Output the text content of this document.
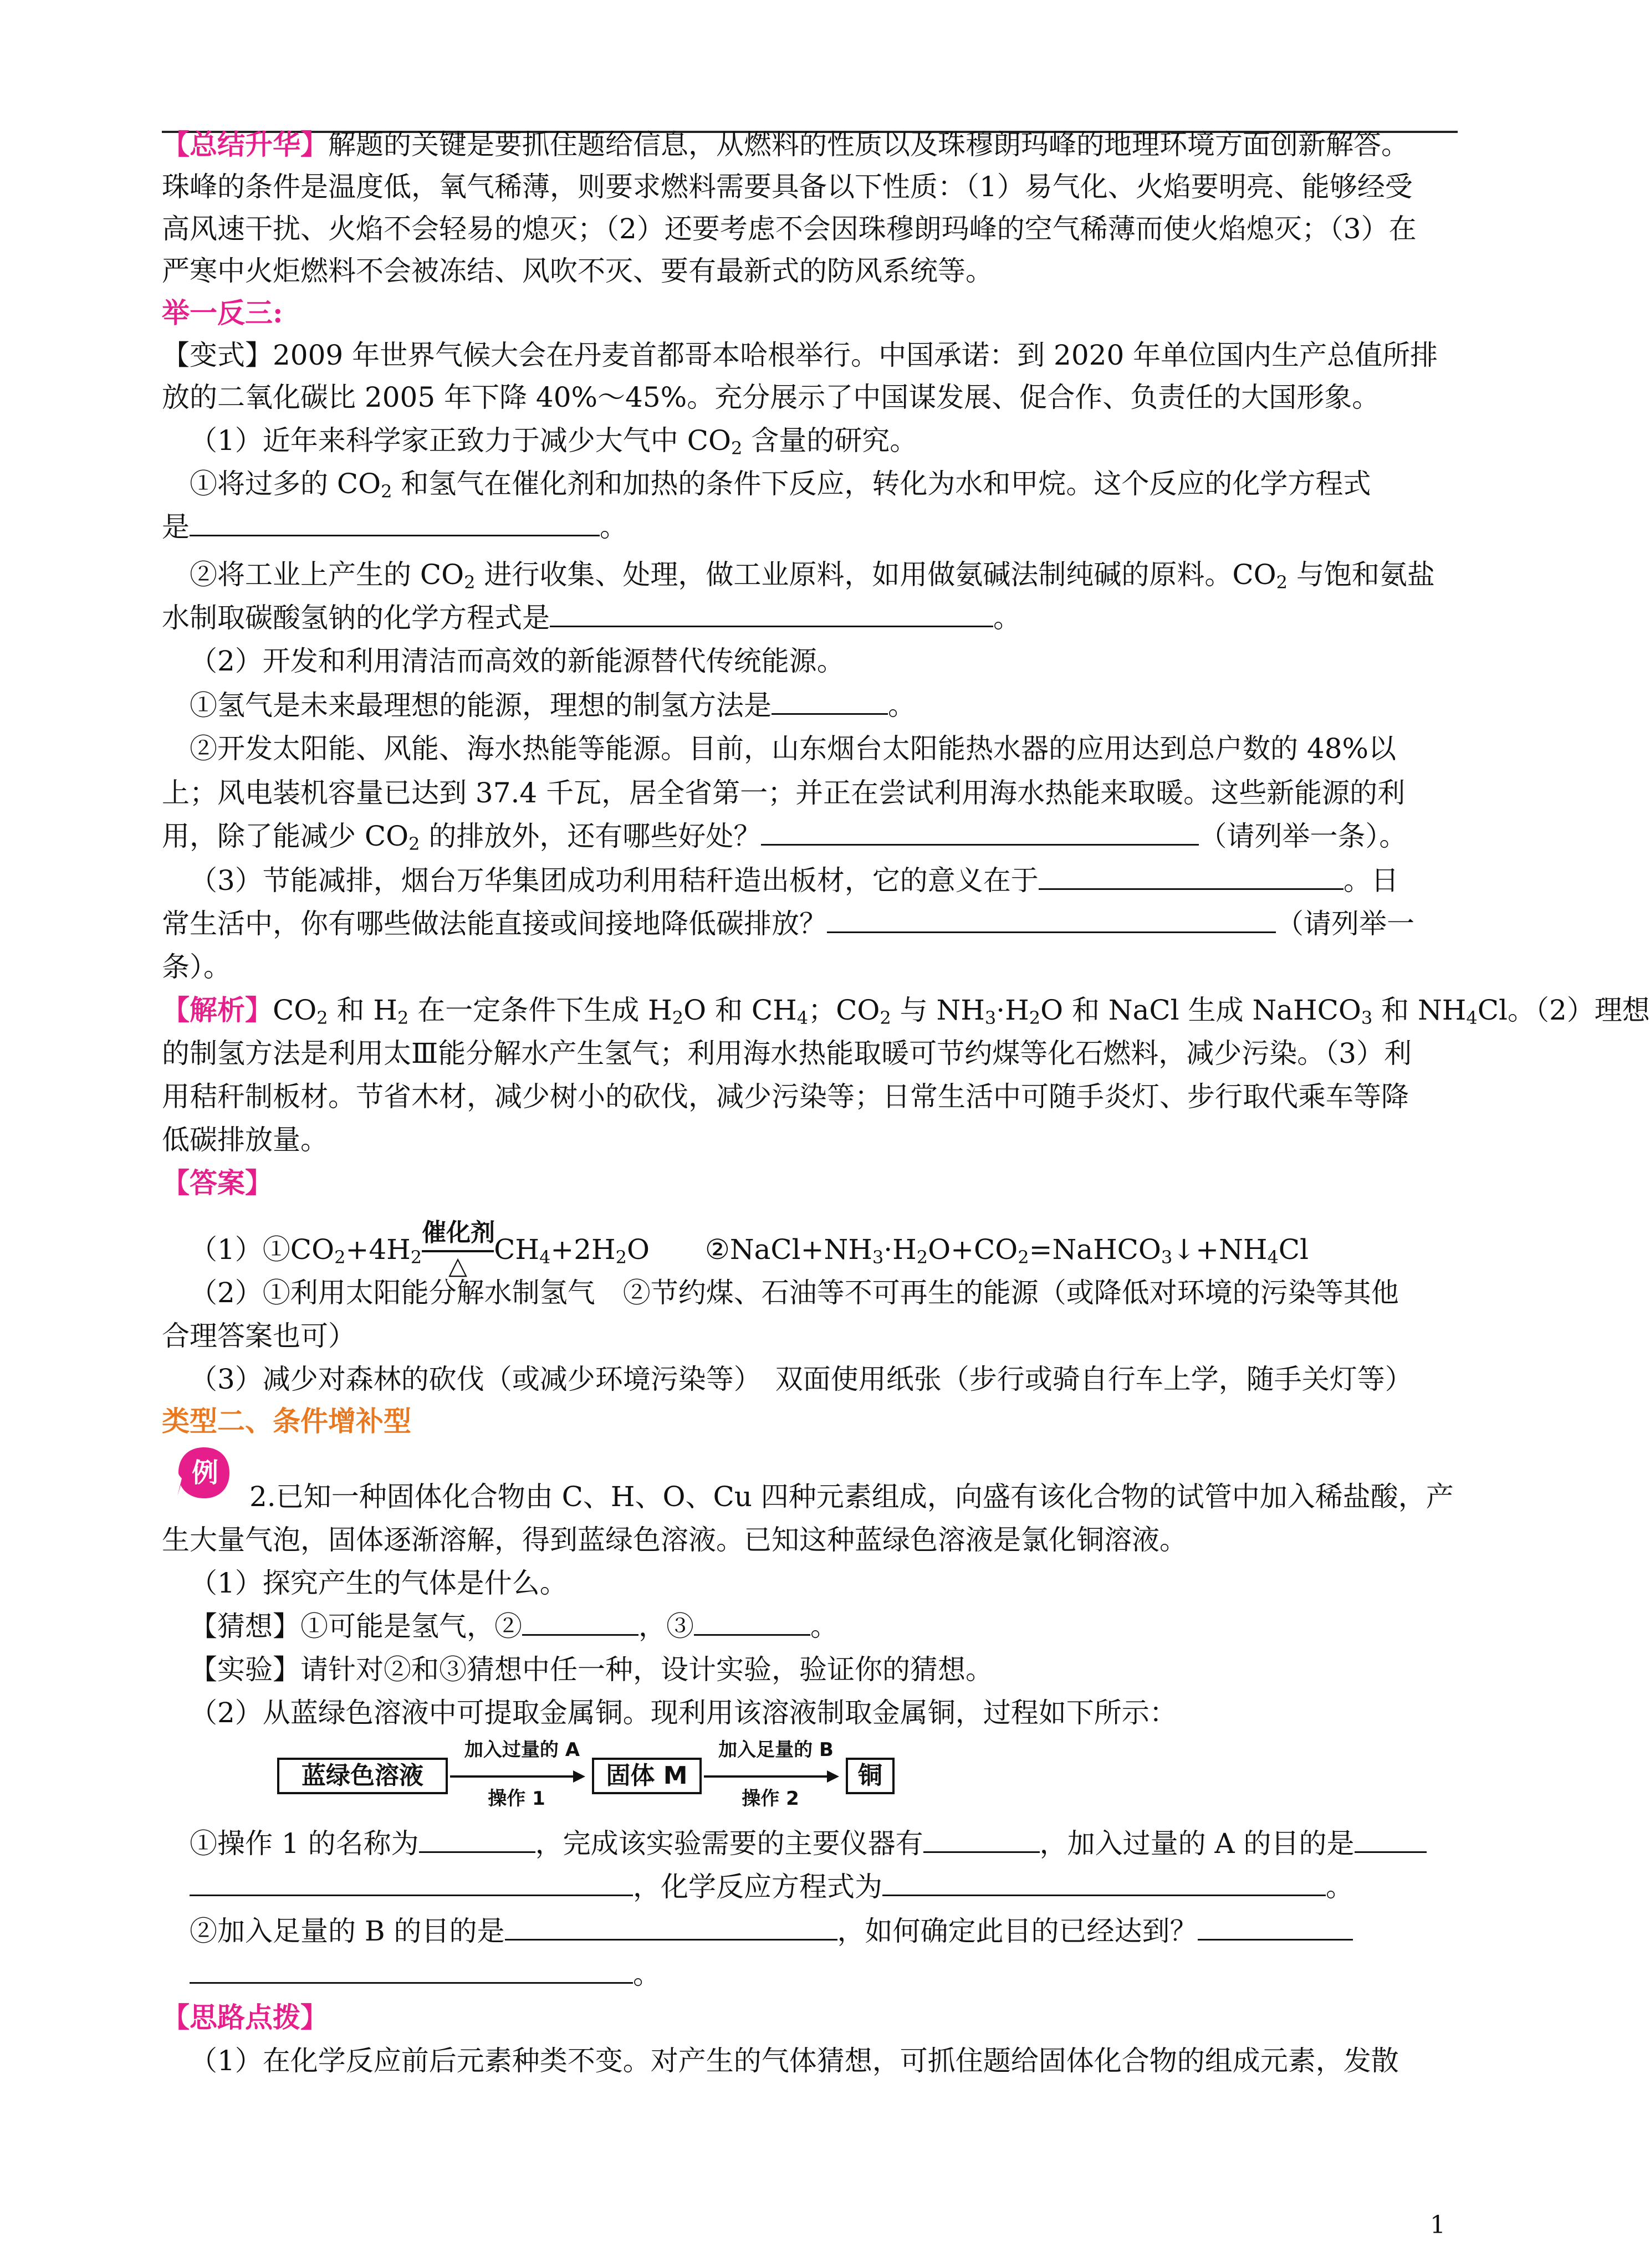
【总结升华】解题的关键是要抓住题给信息，从燃料的性质以及珠穆朗玛峰的地理环境方面创新解答。
珠峰的条件是温度低，氧气稀薄，则要求燃料需要具备以下性质：（1）易气化、火焰要明亮、能够经受
高风速干扰、火焰不会轻易的熄灭；（2）还要考虑不会因珠穆朗玛峰的空气稀薄而使火焰熄灭；（3）在
严寒中火炬燃料不会被冻结、风吹不灭、要有最新式的防风系统等。
举一反三:
【变式】2009 年世界气候大会在丹麦首都哥本哈根举行。中国承诺：到 2020 年单位国内生产总值所排
放的二氧化碳比 2005 年下降 40%～45%。充分展示了中国谋发展、促合作、负责任的大国形象。
（1）近年来科学家正致力于减少大气中 $CO_2$ 含量的研究。
①将过多的 $CO_2$ 和氢气在催化剂和加热的条件下反应，转化为水和甲烷。这个反应的化学方程式
是	。
②将工业上产生的 $CO_2$ 进行收集、处理，做工业原料，如用做氨碱法制纯碱的原料。$CO_2$ 与饱和氨盐
水制取碳酸氢钠的化学方程式是	。
（2）开发和利用清洁而高效的新能源替代传统能源。
①氢气是未来最理想的能源，理想的制氢方法是	。
②开发太阳能、风能、海水热能等能源。目前，山东烟台太阳能热水器的应用达到总户数的 48%以
上；风电装机容量已达到 37.4 千瓦，居全省第一；并正在尝试利用海水热能来取暖。这些新能源的利
用，除了能减少 $CO_2$ 的排放外，还有哪些好处？	（请列举一条）。
（3）节能减排，烟台万华集团成功利用秸秆造出板材，它的意义在于	。日
常生活中，你有哪些做法能直接或间接地降低碳排放？	（请列举一
条）。
【解析】$CO_2$ 和 $H_2$ 在一定条件下生成 $H_2O$ 和 $CH_4$；$CO_2$ 与 $NH_3\cdot H_2O$ 和 NaCl 生成 NaHCO$_3$ 和 $NH_4Cl$。（2）理想
的制氢方法是利用太Ⅲ能分解水产生氢气；利用海水热能取暖可节约煤等化石燃料，减少污染。（3）利
用秸秆制板材。节省木材，减少树小的砍伐，减少污染等；日常生活中可随手炎灯、步行取代乘车等降
低碳排放量。
【答案】
$(1)①CO_2+4H_2$
催化剂
△
$CH_4+2H_2O$ $②NaCl+NH_3\cdot H_2O+CO_2=NaHCO_3↓+NH_4Cl$
（2）①利用太阳能分解水制氢气　②节约煤、石油等不可再生的能源（或降低对环境的污染等其他
合理答案也可）
（3）减少对森林的砍伐（或减少环境污染等）　双面使用纸张（步行或骑自行车上学，随手关灯等）
类型二、条件增补型
例
2.已知一种固体化合物由 C、H、O、Cu 四种元素组成，向盛有该化合物的试管中加入稀盐酸，产
生大量气泡，固体逐渐溶解，得到蓝绿色溶液。已知这种蓝绿色溶液是氯化铜溶液。
（1）探究产生的气体是什么。
【猜想】①可能是氢气，②	，③	。
【实验】请针对②和③猜想中任一种，设计实验，验证你的猜想。
（2）从蓝绿色溶液中可提取金属铜。现利用该溶液制取金属铜，过程如下所示：
蓝绿色溶液
加入过量的 A
操作 1
固体 M
加入足量的 B
操作 2
铜
①操作 1 的名称为	，完成该实验需要的主要仪器有	，加入过量的 A 的目的是
，化学反应方程式为	。
②加入足量的 B 的目的是	，如何确定此目的已经达到？
。
【思路点拨】
（1）在化学反应前后元素种类不变。对产生的气体猜想，可抓住题给固体化合物的组成元素，发散
1
